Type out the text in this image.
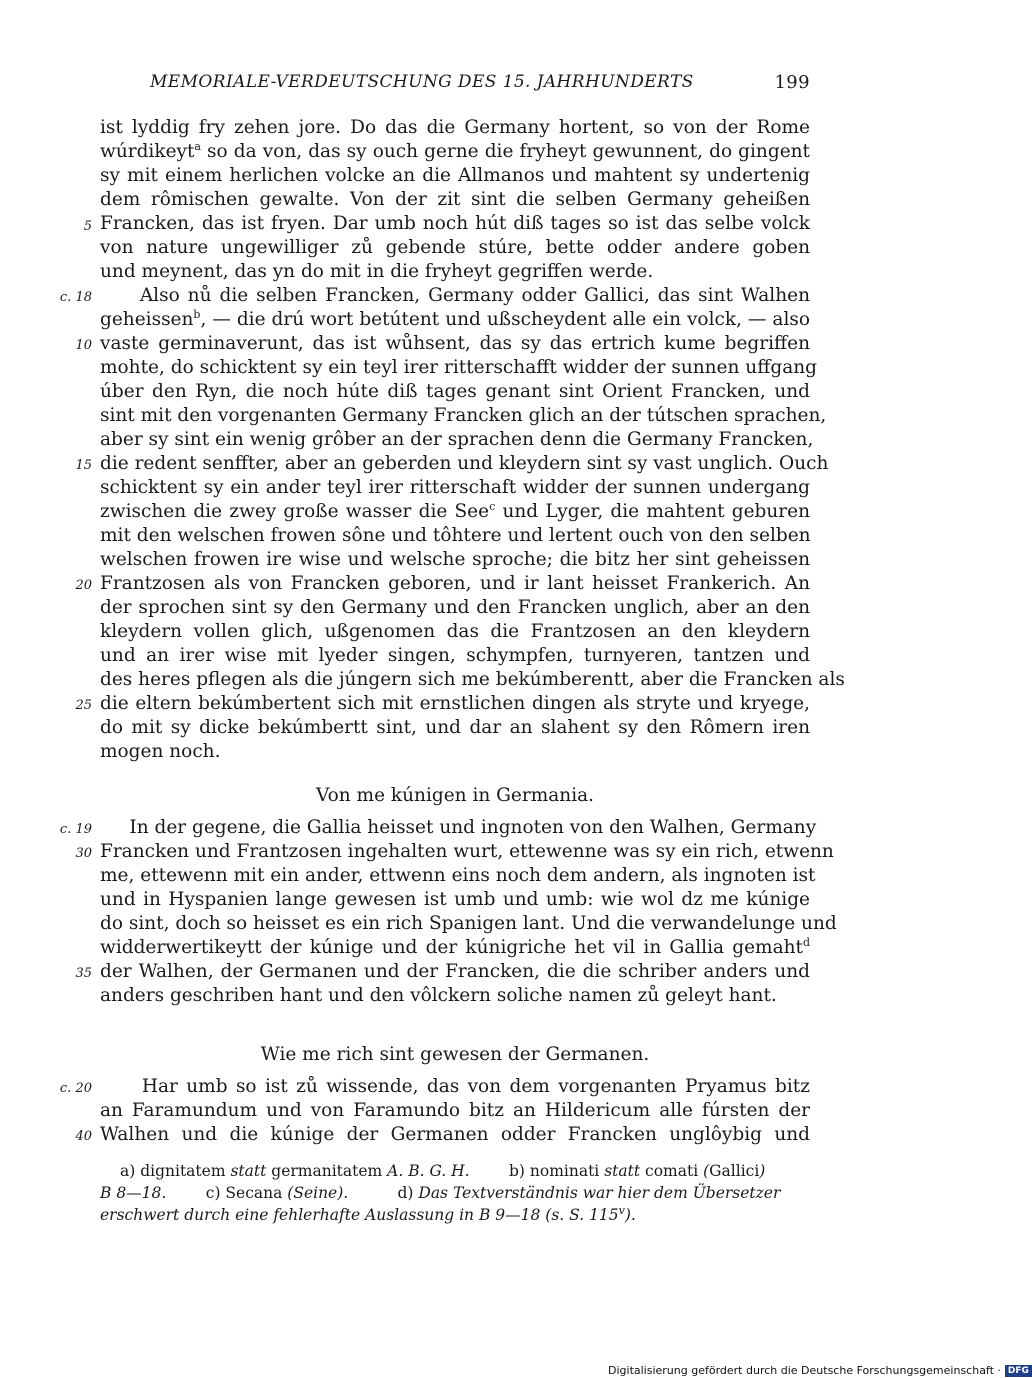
MEMORIALE-VERDEUTSCHUNG DES 15. JAHRHUNDERTS	199
ist lyddig fry zehen jore. Do das die Germany hortent, so von der Rome
wúrdikeyt$^a$ so da von, das sy ouch gerne die fryheyt gewunnent, do gingent
sy mit einem herlichen volcke an die Allmanos und mahtent sy undertenig
dem rômischen gewalte. Von der zit sint die selben Germany geheißen
Francken, das ist fryen. Dar umb noch hút diß tages so ist das selbe volck
von nature ungewilliger zů gebende stúre, bette odder andere goben
und meynent, das yn do mit in die fryheyt gegriffen werde.
Also nů die selben Francken, Germany odder Gallici, das sint Walhen
geheissen$^b$, — die drú wort betútent und ußscheydent alle ein volck, — also
vaste germinaverunt, das ist wůhsent, das sy das ertrich kume begriffen
mohte, do schicktent sy ein teyl irer ritterschafft widder der sunnen uffgang
úber den Ryn, die noch húte diß tages genant sint Orient Francken, und
sint mit den vorgenanten Germany Francken glich an der tútschen sprachen,
aber sy sint ein wenig grôber an der sprachen denn die Germany Francken,
die redent senffter, aber an geberden und kleydern sint sy vast unglich. Ouch
schicktent sy ein ander teyl irer ritterschaft widder der sunnen undergang
zwischen die zwey große wasser die See$^c$ und Lyger, die mahtent geburen
mit den welschen frowen sône und tôhtere und lertent ouch von den selben
welschen frowen ire wise und welsche sproche; die bitz her sint geheissen
Frantzosen als von Francken geboren, und ir lant heisset Frankerich. An
der sprochen sint sy den Germany und den Francken unglich, aber an den
kleydern vollen glich, ußgenomen das die Frantzosen an den kleydern
und an irer wise mit lyeder singen, schympfen, turnyeren, tantzen und
des heres pflegen als die júngern sich me bekúmberentt, aber die Francken als
die eltern bekúmbertent sich mit ernstlichen dingen als stryte und kryege,
do mit sy dicke bekúmbertt sint, und dar an slahent sy den Rômern iren
mogen noch.
In der gegene, die Gallia heisset und ingnoten von den Walhen, Germany
Francken und Frantzosen ingehalten wurt, ettewenne was sy ein rich, etwenn
me, ettewenn mit ein ander, ettwenn eins noch dem andern, als ingnoten ist
und in Hyspanien lange gewesen ist umb und umb: wie wol dz me kúnige
do sint, doch so heisset es ein rich Spanigen lant. Und die verwandelunge und
widderwertikeytt der kúnige und der kúnigriche het vil in Gallia gemaht$^d$
der Walhen, der Germanen und der Francken, die die schriber anders und
anders geschriben hant und den vôlckern soliche namen zů geleyt hant.
Har umb so ist zů wissende, das von dem vorgenanten Pryamus bitz
an Faramundum und von Faramundo bitz an Hildericum alle fúrsten der
Walhen und die kúnige der Germanen odder Francken unglôybig und
c. 18
c. 19
c. 20
5
10
15
20
25
30
35
40
Von me kúnigen in Germania.
Wie me rich sint gewesen der Germanen.
a) dignitatem statt germanitatem A. B. G. H.        b) nominati statt comati (Gallici)
B 8—18.        c) Secana (Seine).          d) Das Textverständnis war hier dem Übersetzer
erschwert durch eine fehlerhafte Auslassung in B 9—18 (s. S. 115$^v$).
Digitalisierung gefördert durch die Deutsche Forschungsgemeinschaft · DFG
